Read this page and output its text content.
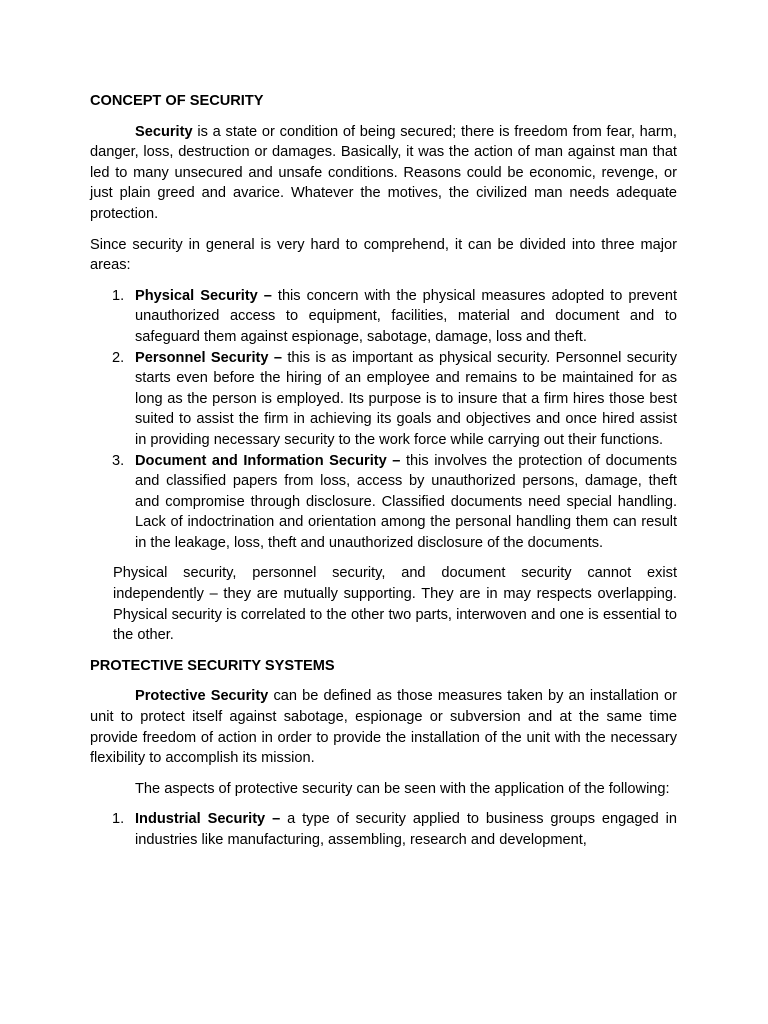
CONCEPT OF SECURITY

Security is a state or condition of being secured; there is freedom from fear, harm, danger, loss, destruction or damages. Basically, it was the action of man against man that led to many unsecured and unsafe conditions. Reasons could be economic, revenge, or just plain greed and avarice. Whatever the motives, the civilized man needs adequate protection.

Since security in general is very hard to comprehend, it can be divided into three major areas:

1. Physical Security – this concern with the physical measures adopted to prevent unauthorized access to equipment, facilities, material and document and to safeguard them against espionage, sabotage, damage, loss and theft.
2. Personnel Security – this is as important as physical security. Personnel security starts even before the hiring of an employee and remains to be maintained for as long as the person is employed. Its purpose is to insure that a firm hires those best suited to assist the firm in achieving its goals and objectives and once hired assist in providing necessary security to the work force while carrying out their functions.
3. Document and Information Security – this involves the protection of documents and classified papers from loss, access by unauthorized persons, damage, theft and compromise through disclosure. Classified documents need special handling. Lack of indoctrination and orientation among the personal handling them can result in the leakage, loss, theft and unauthorized disclosure of the documents.

Physical security, personnel security, and document security cannot exist independently – they are mutually supporting. They are in may respects overlapping. Physical security is correlated to the other two parts, interwoven and one is essential to the other.

PROTECTIVE SECURITY SYSTEMS

Protective Security can be defined as those measures taken by an installation or unit to protect itself against sabotage, espionage or subversion and at the same time provide freedom of action in order to provide the installation of the unit with the necessary flexibility to accomplish its mission.

The aspects of protective security can be seen with the application of the following:

1. Industrial Security – a type of security applied to business groups engaged in industries like manufacturing, assembling, research and development,
